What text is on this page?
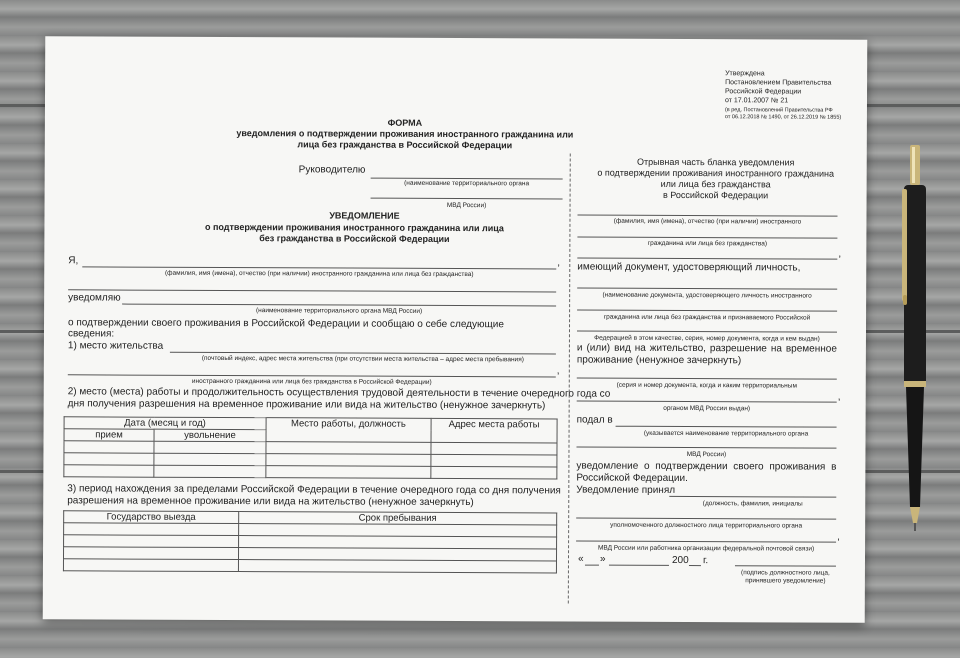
Утверждена
Постановлением Правительства
Российской Федерации
от 17.01.2007 № 21
(в ред. Постановлений Правительства РФ
от 06.12.2018 № 1490, от 26.12.2019 № 1855)
ФОРМА
уведомления о подтверждении проживания иностранного гражданина или
лица без гражданства в Российской Федерации
Руководителю
(наименование территориального органа
МВД России)
УВЕДОМЛЕНИЕ
о подтверждении проживания иностранного гражданина или лица
без гражданства в Российской Федерации
Я,	,
(фамилия, имя (имена), отчество (при наличии) иностранного гражданина или лица без гражданства)
уведомляю
(наименование территориального органа МВД России)
о подтверждении своего проживания в Российской Федерации и сообщаю о себе следующие
сведения:
1) место жительства
(почтовый индекс, адрес места жительства (при отсутствии места жительства – адрес места пребывания)
,
иностранного гражданина или лица без гражданства в Российской Федерации)
2) место (места) работы и продолжительность осуществления трудовой деятельности в течение очередного года со
дня получения разрешения на временное проживание или вида на жительство (ненужное зачеркнуть)
Дата (месяц и год)		Место работы, должность	Адрес места работы
прием	увольнение		

3) период нахождения за пределами Российской Федерации в течение очередного года со дня получения
разрешения на временное проживание или вида на жительство (ненужное зачеркнуть)
Государство выезда	Срок пребывания

Отрывная часть бланка уведомления
о подтверждении проживания иностранного гражданина
или лица без гражданства
в Российской Федерации
(фамилия, имя (имена), отчество (при наличии) иностранного
гражданина или лица без гражданства)
,
имеющий документ, удостоверяющий личность,
(наименование документа, удостоверяющего личность иностранного
гражданина или лица без гражданства и признаваемого Российской
Федерацией в этом качестве, серия, номер документа, когда и кем выдан)
и (или) вид на жительство, разрешение на временное
проживание (ненужное зачеркнуть)
(серия и номер документа, когда и каким территориальным
,
органом МВД России выдан)
подал в
(указывается наименование территориального органа
МВД России)
уведомление о подтверждении своего проживания в
Российской Федерации.
Уведомление принял
(должность, фамилия, инициалы
уполномоченного должностного лица территориального органа
,
МВД России или работника организации федеральной почтовой связи)
« »	200 г.
(подпись должностного лица,
принявшего уведомление)
